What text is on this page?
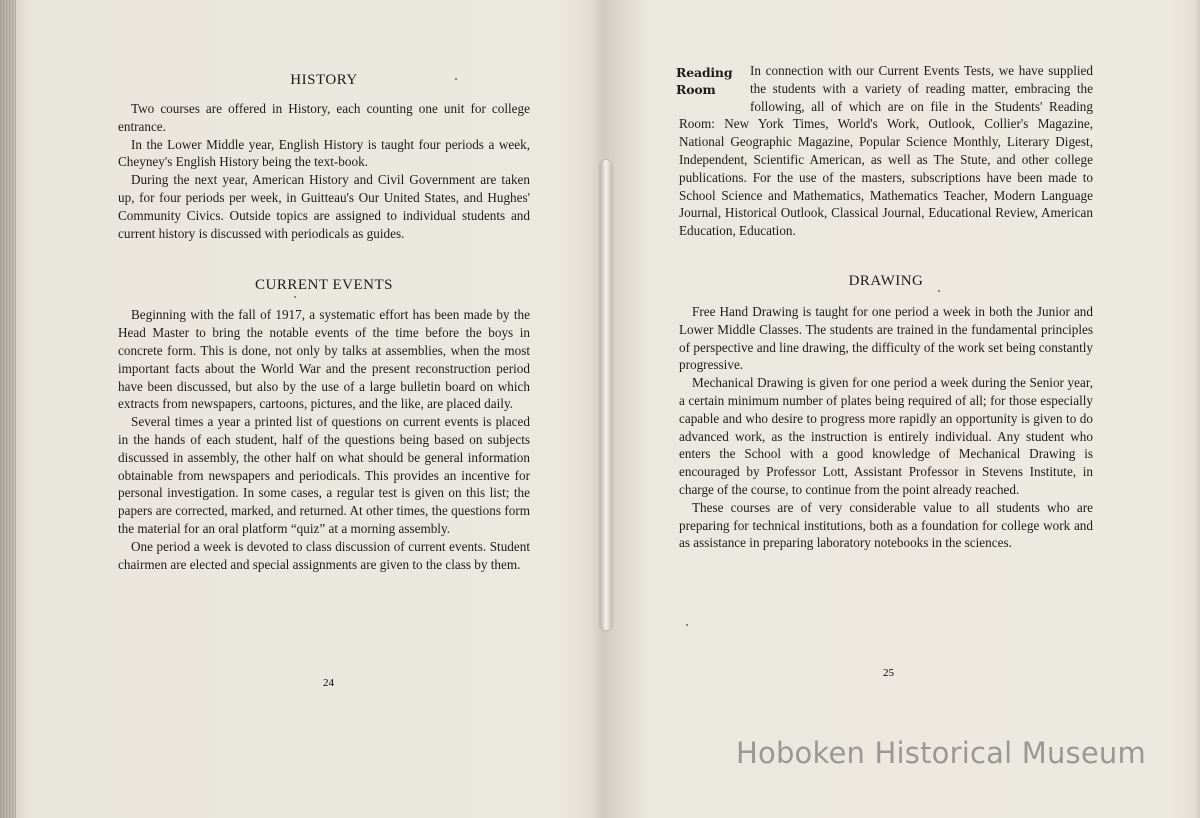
HISTORY

Two courses are offered in History, each counting one unit for college entrance.

In the Lower Middle year, English History is taught four periods a week, Cheyney's English History being the text-book.

During the next year, American History and Civil Government are taken up, for four periods per week, in Guitteau's Our United States, and Hughes' Community Civics. Outside topics are assigned to individual students and current history is discussed with periodicals as guides.

CURRENT EVENTS

Beginning with the fall of 1917, a systematic effort has been made by the Head Master to bring the notable events of the time before the boys in concrete form. This is done, not only by talks at assemblies, when the most important facts about the World War and the present reconstruction period have been discussed, but also by the use of a large bulletin board on which extracts from newspapers, cartoons, pictures, and the like, are placed daily.

Several times a year a printed list of questions on current events is placed in the hands of each student, half of the questions being based on subjects discussed in assembly, the other half on what should be general information obtainable from newspapers and periodicals. This provides an incentive for personal investigation. In some cases, a regular test is given on this list; the papers are corrected, marked, and returned. At other times, the questions form the material for an oral platform “quiz” at a morning assembly.

One period a week is devoted to class discussion of current events. Student chairmen are elected and special assignments are given to the class by them.

24
Reading
Room

In connection with our Current Events Tests, we have supplied the students with a variety of reading matter, embracing the following, all of which are on file in the Students' Reading Room: New York Times, World's Work, Outlook, Collier's Magazine, National Geographic Magazine, Popular Science Monthly, Literary Digest, Independent, Scientific American, as well as The Stute, and other college publications. For the use of the masters, subscriptions have been made to School Science and Mathematics, Mathematics Teacher, Modern Language Journal, Historical Outlook, Classical Journal, Educational Review, American Education, Education.

DRAWING

Free Hand Drawing is taught for one period a week in both the Junior and Lower Middle Classes. The students are trained in the fundamental principles of perspective and line drawing, the difficulty of the work set being constantly progressive.

Mechanical Drawing is given for one period a week during the Senior year, a certain minimum number of plates being required of all; for those especially capable and who desire to progress more rapidly an opportunity is given to do advanced work, as the instruction is entirely individual. Any student who enters the School with a good knowledge of Mechanical Drawing is encouraged by Professor Lott, Assistant Professor in Stevens Institute, in charge of the course, to continue from the point already reached.

These courses are of very considerable value to all students who are preparing for technical institutions, both as a foundation for college work and as assistance in preparing laboratory notebooks in the sciences.

25
Hoboken Historical Museum
